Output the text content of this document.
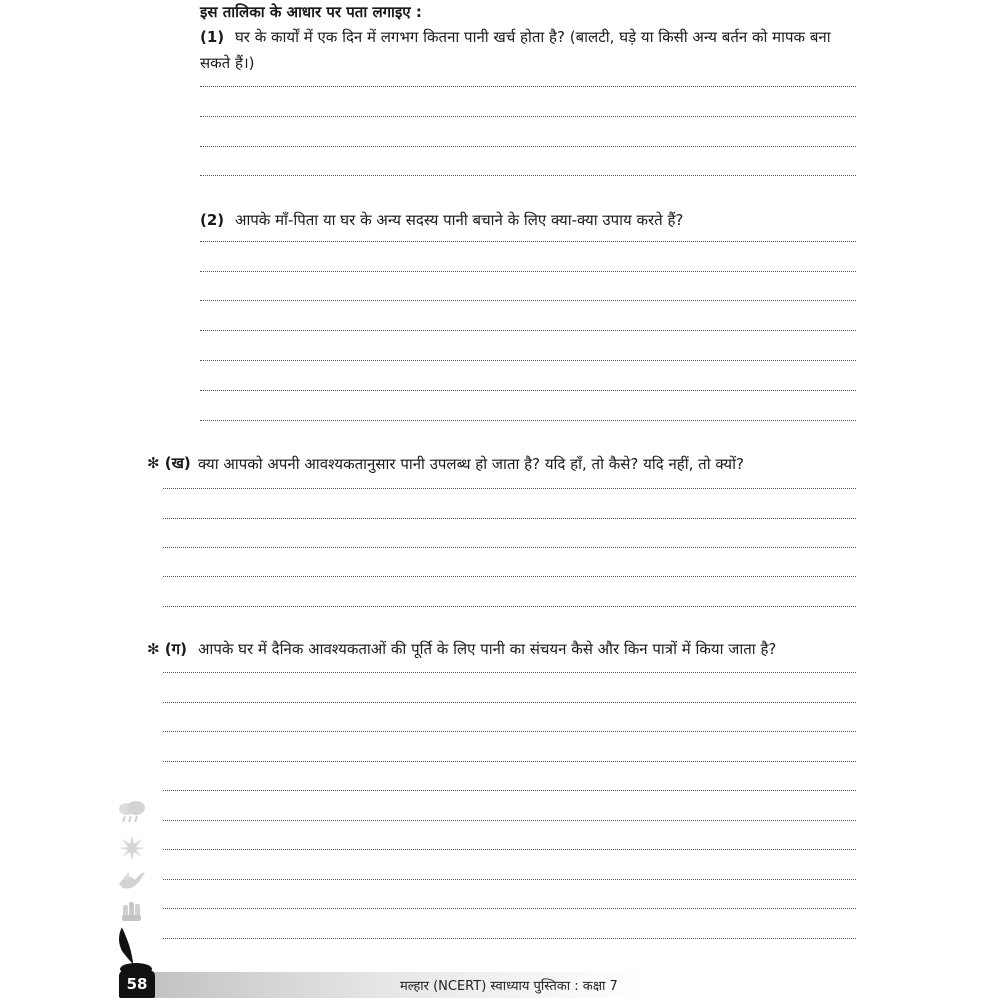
इस तालिका के आधार पर पता लगाइए :
(1) घर के कार्यों में एक दिन में लगभग कितना पानी खर्च होता है? (बालटी, घड़े या किसी अन्य बर्तन को मापक बना सकते हैं।)
(2) आपके माँ-पिता या घर के अन्य सदस्य पानी बचाने के लिए क्या-क्या उपाय करते हैं?
✻ (ख) क्या आपको अपनी आवश्यकतानुसार पानी उपलब्ध हो जाता है? यदि हाँ, तो कैसे? यदि नहीं, तो क्यों?
✻ (ग) आपके घर में दैनिक आवश्यकताओं की पूर्ति के लिए पानी का संचयन कैसे और किन पात्रों में किया जाता है?
58	मल्हार (NCERT) स्वाध्याय पुस्तिका : कक्षा 7
